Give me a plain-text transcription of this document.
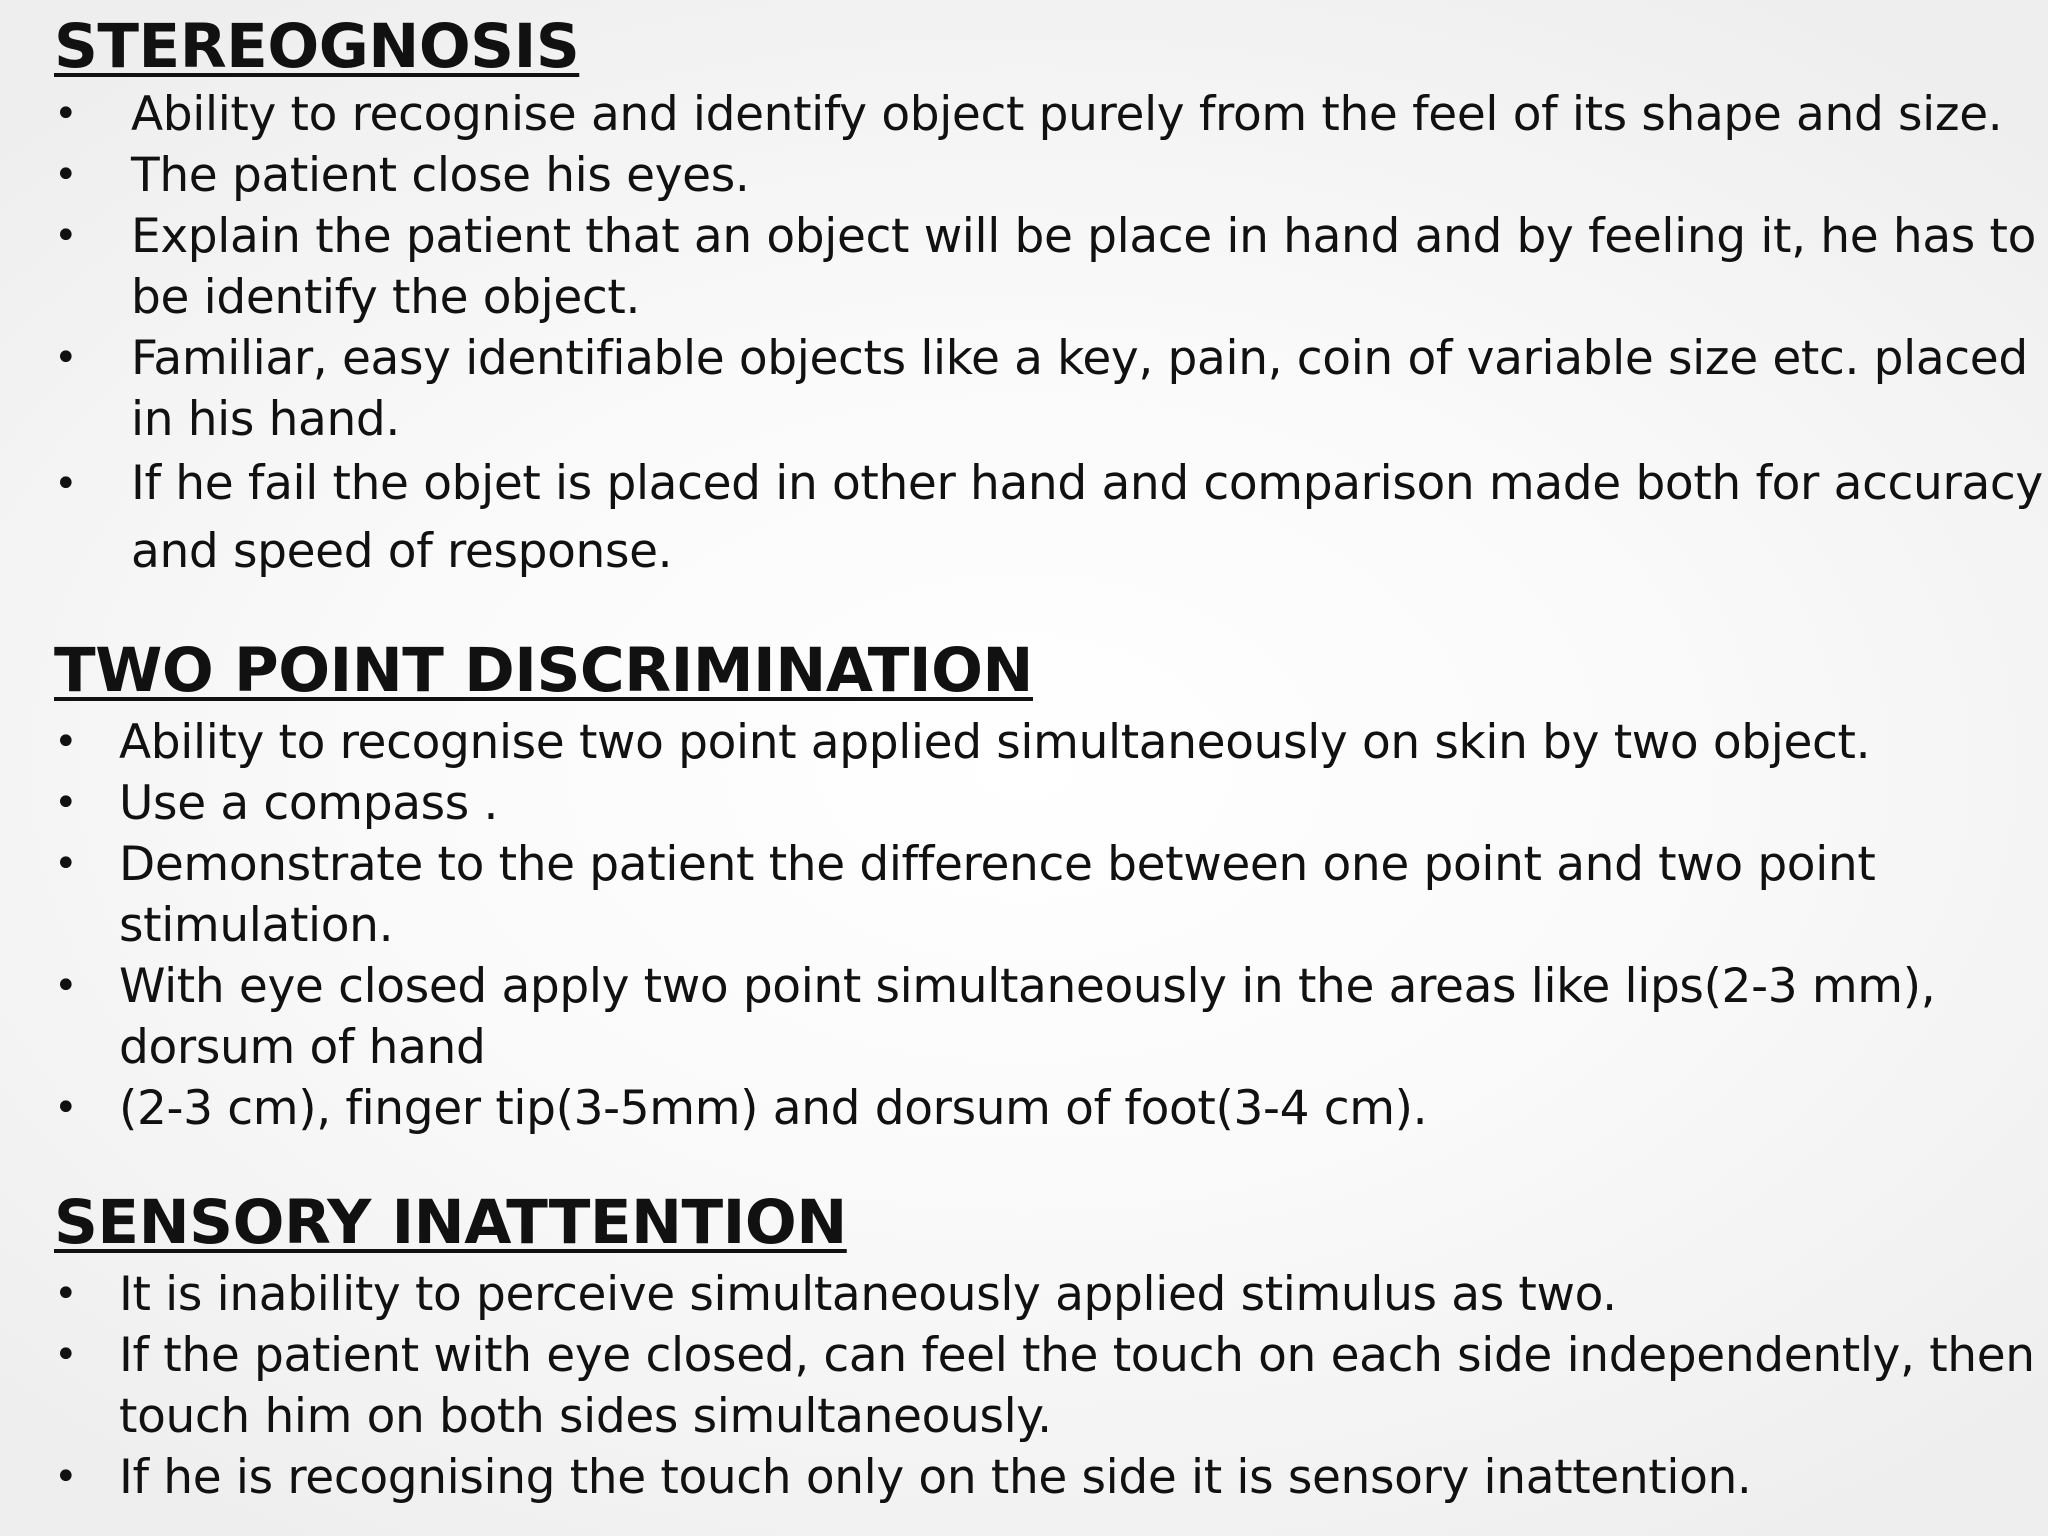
STEREOGNOSIS
• Ability to recognise and identify object purely from the feel of its shape and size.
• The patient close his eyes.
• Explain the patient that an object will be place in hand and by feeling it, he has to be identify the object.
• Familiar, easy identifiable objects like a key, pain, coin of variable size etc. placed in his hand.
• If he fail the objet is placed in other hand and comparison made both for accuracy and speed of response.
TWO POINT DISCRIMINATION
• Ability to recognise two point applied simultaneously on skin by two object.
• Use a compass .
• Demonstrate to the patient the difference between one point and two point stimulation.
• With eye closed apply two point simultaneously in the areas like lips(2-3 mm), dorsum of hand
• (2-3 cm), finger tip(3-5mm) and dorsum of foot(3-4 cm).
SENSORY INATTENTION
• It is inability to perceive simultaneously applied stimulus as two.
• If the patient with eye closed, can feel the touch on each side independently, then touch him on both sides simultaneously.
• If he is recognising the touch only on the side it is sensory inattention.
